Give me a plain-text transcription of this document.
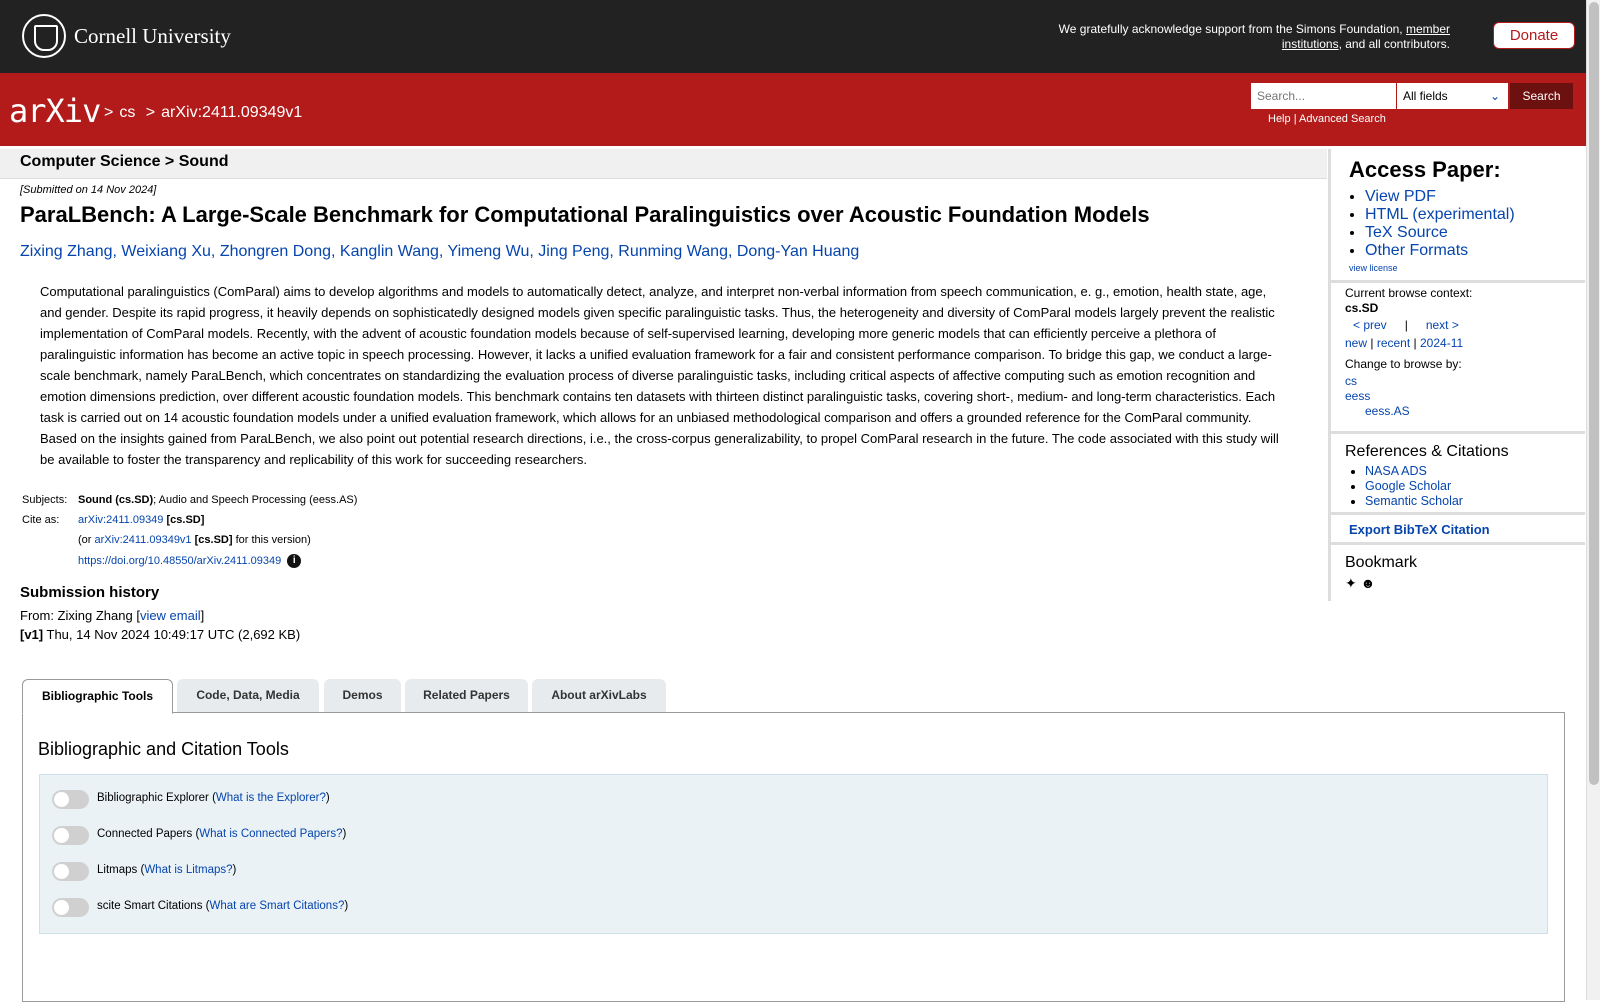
Cornell University	We gratefully acknowledge support from the Simons Foundation, member institutions, and all contributors.	Donate
arXiv > cs > arXiv:2411.09349v1
Search...	All fields	⌄	Search
Help | Advanced Search
Computer Science > Sound
[Submitted on 14 Nov 2024]
ParaLBench: A Large-Scale Benchmark for Computational Paralinguistics over Acoustic Foundation Models
Zixing Zhang, Weixiang Xu, Zhongren Dong, Kanglin Wang, Yimeng Wu, Jing Peng, Runming Wang, Dong-Yan Huang

Computational paralinguistics (ComParal) aims to develop algorithms and models to automatically detect, analyze, and interpret non-verbal information from speech communication, e. g., emotion, health state, age, and gender. Despite its rapid progress, it heavily depends on sophisticatedly designed models given specific paralinguistic tasks. Thus, the heterogeneity and diversity of ComParal models largely prevent the realistic implementation of ComParal models. Recently, with the advent of acoustic foundation models because of self-supervised learning, developing more generic models that can efficiently perceive a plethora of paralinguistic information has become an active topic in speech processing. However, it lacks a unified evaluation framework for a fair and consistent performance comparison. To bridge this gap, we conduct a large-scale benchmark, namely ParaLBench, which concentrates on standardizing the evaluation process of diverse paralinguistic tasks, including critical aspects of affective computing such as emotion recognition and emotion dimensions prediction, over different acoustic foundation models. This benchmark contains ten datasets with thirteen distinct paralinguistic tasks, covering short-, medium- and long-term characteristics. Each task is carried out on 14 acoustic foundation models under a unified evaluation framework, which allows for an unbiased methodological comparison and offers a grounded reference for the ComParal community. Based on the insights gained from ParaLBench, we also point out potential research directions, i.e., the cross-corpus generalizability, to propel ComParal research in the future. The code associated with this study will be available to foster the transparency and replicability of this work for succeeding researchers.

Subjects: Sound (cs.SD); Audio and Speech Processing (eess.AS)
Cite as:	arXiv:2411.09349 [cs.SD]
(or arXiv:2411.09349v1 [cs.SD] for this version)
https://doi.org/10.48550/arXiv.2411.09349 i
Submission history
From: Zixing Zhang [view email]
[v1] Thu, 14 Nov 2024 10:49:17 UTC (2,692 KB)
Bibliographic Tools	Code, Data, Media	Demos	Related Papers	About arXivLabs
Bibliographic and Citation Tools
Bibliographic Explorer (What is the Explorer?)
Connected Papers (What is Connected Papers?)
Litmaps (What is Litmaps?)
scite Smart Citations (What are Smart Citations?)
Access Paper:
• View PDF
• HTML (experimental)
• TeX Source
• Other Formats
view license
Current browse context:
cs.SD
< prev | next >
new | recent | 2024-11
Change to browse by:
cs
eess
eess.AS
References & Citations
• NASA ADS
• Google Scholar
• Semantic Scholar
Export BibTeX Citation
Bookmark
✦ ☻
